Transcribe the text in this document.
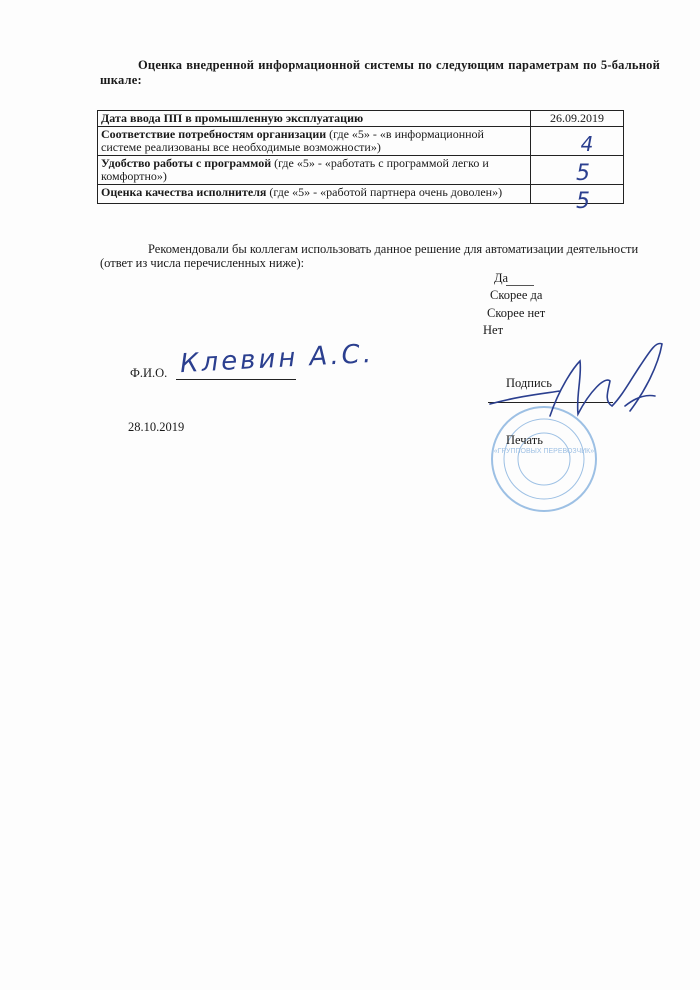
Оценка внедренной информационной системы по следующим параметрам по 5-бальной шкале:
Дата ввода ПП в промышленную эксплуатацию	26.09.2019
Соответствие потребностям организации (где «5» - «в информационной системе реализованы все необходимые возможности»)	4
Удобство работы с программой (где «5» - «работать с программой легко и комфортно»)	5
Оценка качества исполнителя (где «5» - «работой партнера очень доволен»)	5
Рекомендовали бы коллегам использовать данное решение для автоматизации деятельности (ответ из числа перечисленных ниже):
Да
Скорее да
Скорее нет
Нет
Ф.И.О. Клевин А.С.
Подпись
28.10.2019
«ГРУППОВЫХ ПЕРЕВОЗЧИК»
Печать
